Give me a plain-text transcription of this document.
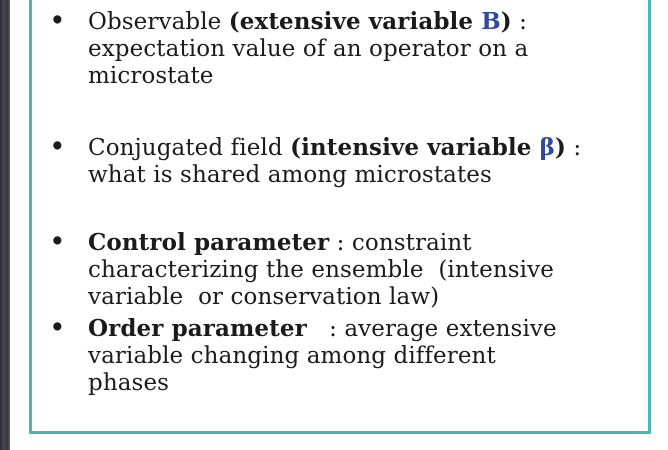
• Observable (extensive variable B) :
expectation value of an operator on a
microstate
• Conjugated field (intensive variable β) :
what is shared among microstates
• Control parameter : constraint
characterizing the ensemble  (intensive
variable  or conservation law)
• Order parameter   : average extensive
variable changing among different
phases
